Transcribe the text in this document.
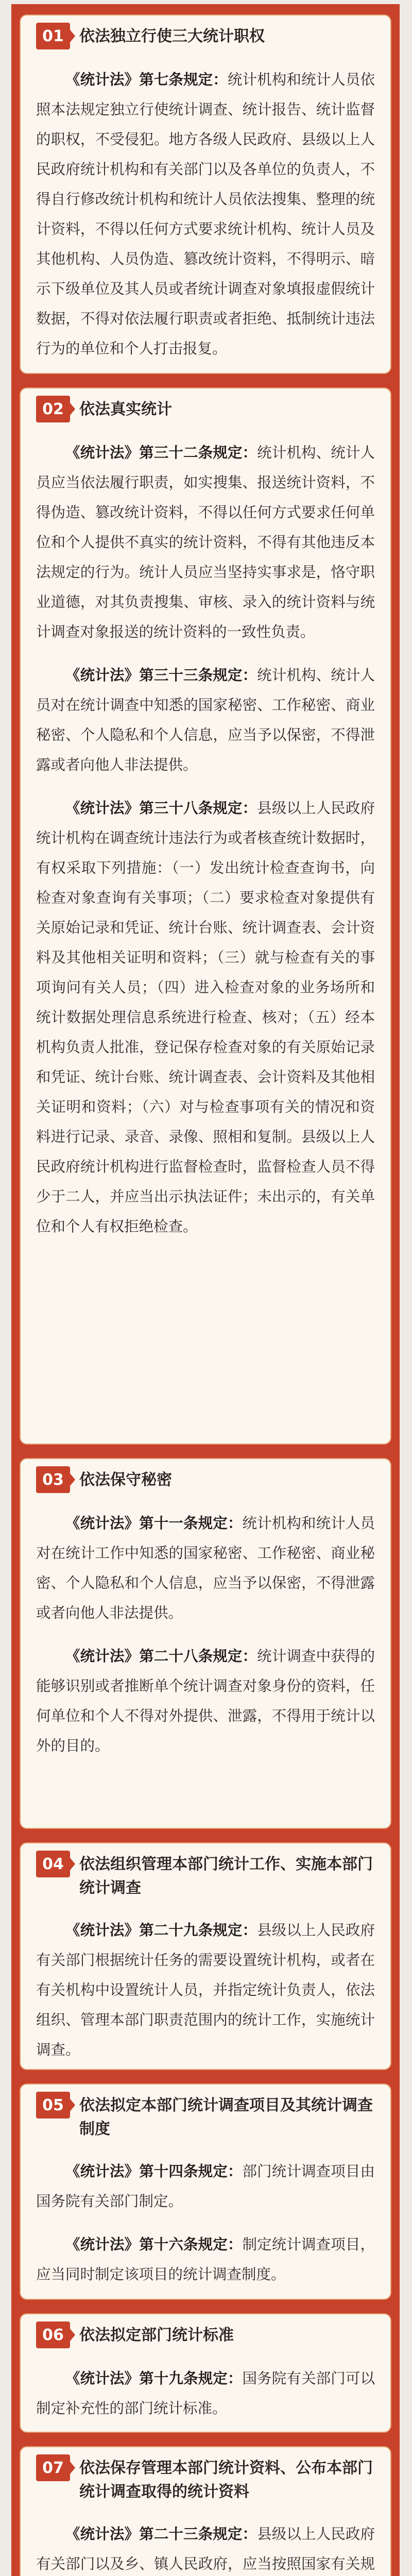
01	依法独立行使三大统计职权

《统计法》第七条规定：统计机构和统计人员依照本法规定独立行使统计调查、统计报告、统计监督的职权，不受侵犯。地方各级人民政府、县级以上人民政府统计机构和有关部门以及各单位的负责人，不得自行修改统计机构和统计人员依法搜集、整理的统计资料，不得以任何方式要求统计机构、统计人员及其他机构、人员伪造、篡改统计资料，不得明示、暗示下级单位及其人员或者统计调查对象填报虚假统计数据，不得对依法履行职责或者拒绝、抵制统计违法行为的单位和个人打击报复。

02	依法真实统计

《统计法》第三十二条规定：统计机构、统计人员应当依法履行职责，如实搜集、报送统计资料，不得伪造、篡改统计资料，不得以任何方式要求任何单位和个人提供不真实的统计资料，不得有其他违反本法规定的行为。统计人员应当坚持实事求是，恪守职业道德，对其负责搜集、审核、录入的统计资料与统计调查对象报送的统计资料的一致性负责。

《统计法》第三十三条规定：统计机构、统计人员对在统计调查中知悉的国家秘密、工作秘密、商业秘密、个人隐私和个人信息，应当予以保密，不得泄露或者向他人非法提供。

《统计法》第三十八条规定：县级以上人民政府统计机构在调查统计违法行为或者核查统计数据时，有权采取下列措施：（一）发出统计检查查询书，向检查对象查询有关事项；（二）要求检查对象提供有关原始记录和凭证、统计台账、统计调查表、会计资料及其他相关证明和资料；（三）就与检查有关的事项询问有关人员；（四）进入检查对象的业务场所和统计数据处理信息系统进行检查、核对；（五）经本机构负责人批准，登记保存检查对象的有关原始记录和凭证、统计台账、统计调查表、会计资料及其他相关证明和资料；（六）对与检查事项有关的情况和资料进行记录、录音、录像、照相和复制。县级以上人民政府统计机构进行监督检查时，监督检查人员不得少于二人，并应当出示执法证件；未出示的，有关单位和个人有权拒绝检查。

03	依法保守秘密

《统计法》第十一条规定：统计机构和统计人员对在统计工作中知悉的国家秘密、工作秘密、商业秘密、个人隐私和个人信息，应当予以保密，不得泄露或者向他人非法提供。

《统计法》第二十八条规定：统计调查中获得的能够识别或者推断单个统计调查对象身份的资料，任何单位和个人不得对外提供、泄露，不得用于统计以外的目的。

04	依法组织管理本部门统计工作、实施本部门统计调查

《统计法》第二十九条规定：县级以上人民政府有关部门根据统计任务的需要设置统计机构，或者在有关机构中设置统计人员，并指定统计负责人，依法组织、管理本部门职责范围内的统计工作，实施统计调查。

05	依法拟定本部门统计调查项目及其统计调查制度

《统计法》第十四条规定：部门统计调查项目由国务院有关部门制定。

《统计法》第十六条规定：制定统计调查项目，应当同时制定该项目的统计调查制度。

06	依法拟定部门统计标准

《统计法》第十九条规定：国务院有关部门可以制定补充性的部门统计标准。

07	依法保存管理本部门统计资料、公布本部门统计调查取得的统计资料

《统计法》第二十三条规定：县级以上人民政府有关部门以及乡、镇人民政府，应当按照国家有关规
